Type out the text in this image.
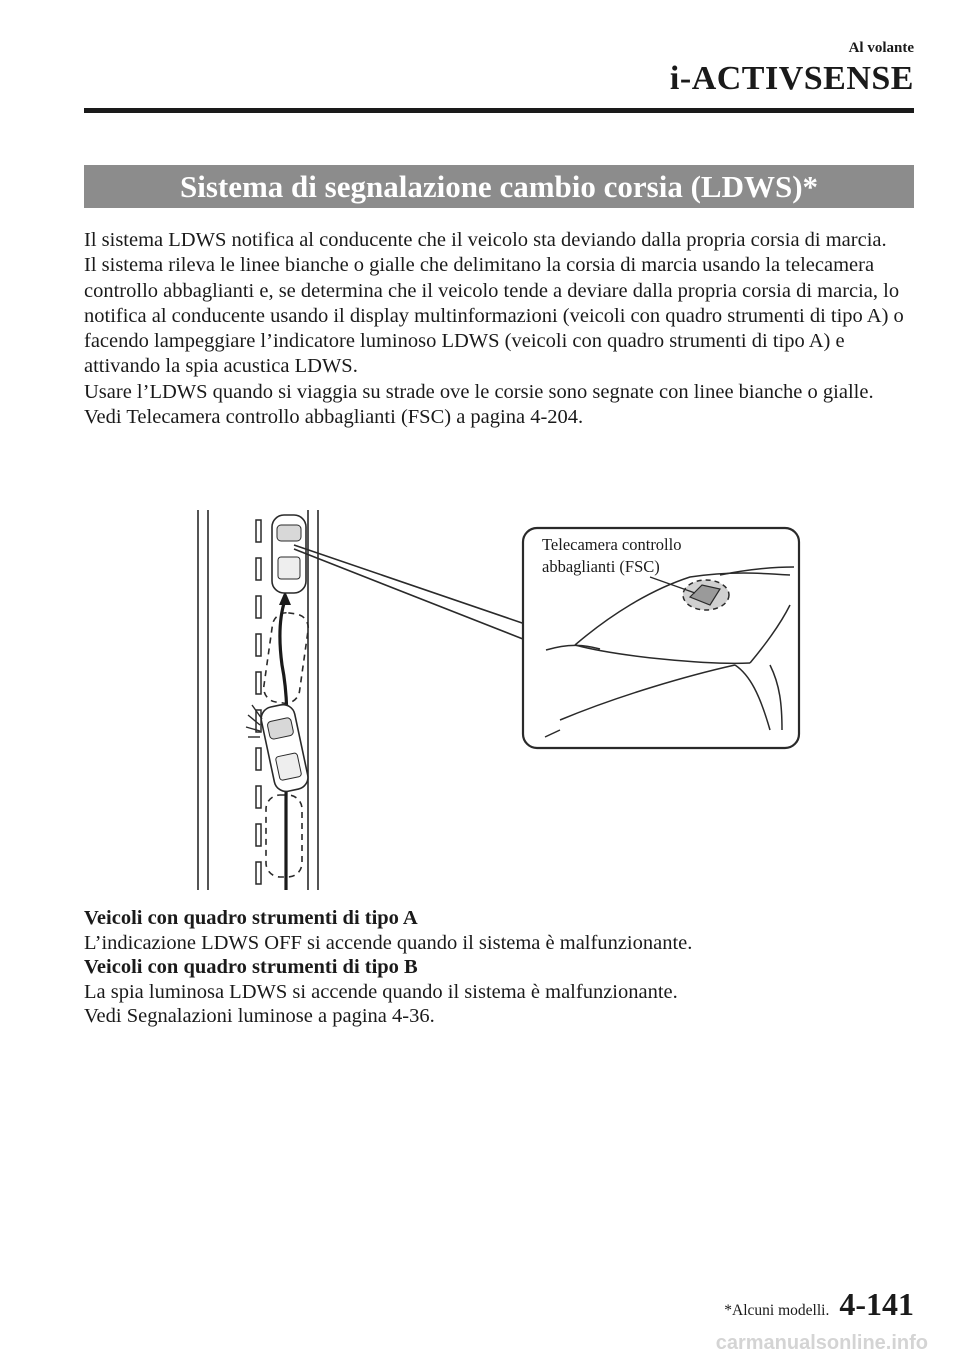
Al volante
i-ACTIVSENSE
Sistema di segnalazione cambio corsia (LDWS)*

Il sistema LDWS notifica al conducente che il veicolo sta deviando dalla propria corsia di marcia.

Il sistema rileva le linee bianche o gialle che delimitano la corsia di marcia usando la telecamera controllo abbaglianti e, se determina che il veicolo tende a deviare dalla propria corsia di marcia, lo notifica al conducente usando il display multinformazioni (veicoli con quadro strumenti di tipo A) o facendo lampeggiare l’indicatore luminoso LDWS (veicoli con quadro strumenti di tipo A) e attivando la spia acustica LDWS.

Usare l’LDWS quando si viaggia su strade ove le corsie sono segnate con linee bianche o gialle.

Vedi Telecamera controllo abbaglianti (FSC) a pagina 4-204.

Telecamera controllo
abbaglianti (FSC)

Veicoli con quadro strumenti di tipo A

L’indicazione LDWS OFF si accende quando il sistema è malfunzionante.

Veicoli con quadro strumenti di tipo B

La spia luminosa LDWS si accende quando il sistema è malfunzionante.

Vedi Segnalazioni luminose a pagina 4-36.

*Alcuni modelli. 4-141
carmanualsonline.info
